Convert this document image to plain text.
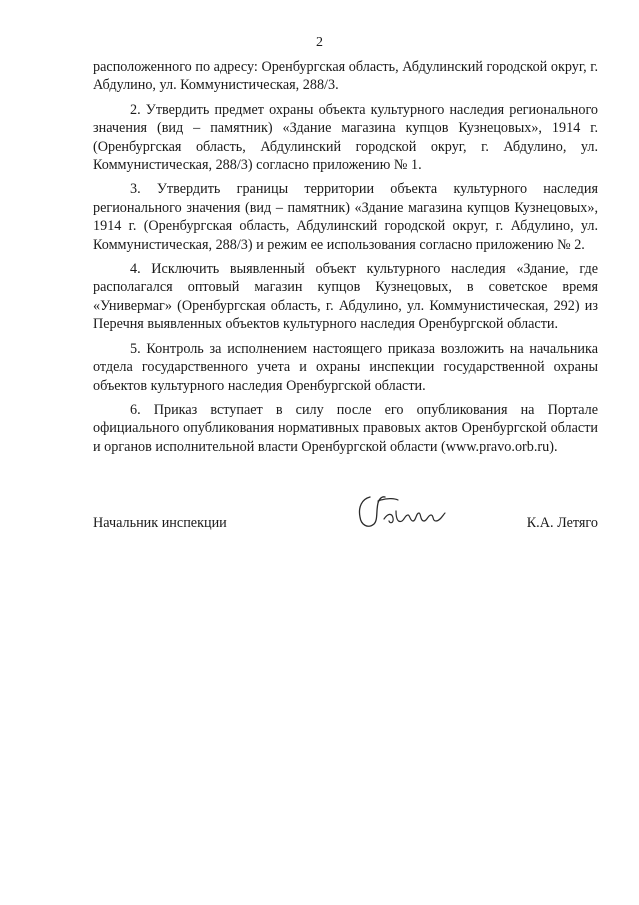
2

расположенного по адресу: Оренбургская область, Абдулинский городской округ, г. Абдулино, ул. Коммунистическая, 288/3.

2. Утвердить предмет охраны объекта культурного наследия регионального значения (вид – памятник) «Здание магазина купцов Кузнецовых», 1914 г. (Оренбургская область, Абдулинский городской округ, г. Абдулино, ул. Коммунистическая, 288/3) согласно приложению № 1.

3. Утвердить границы территории объекта культурного наследия регионального значения (вид – памятник) «Здание магазина купцов Кузнецовых», 1914 г. (Оренбургская область, Абдулинский городской округ, г. Абдулино, ул. Коммунистическая, 288/3) и режим ее использования согласно приложению № 2.

4. Исключить выявленный объект культурного наследия «Здание, где располагался оптовый магазин купцов Кузнецовых, в советское время «Универмаг» (Оренбургская область, г. Абдулино, ул. Коммунистическая, 292) из Перечня выявленных объектов культурного наследия Оренбургской области.

5. Контроль за исполнением настоящего приказа возложить на начальника отдела государственного учета и охраны инспекции государственной охраны объектов культурного наследия Оренбургской области.

6. Приказ вступает в силу после его опубликования на Портале официального опубликования нормативных правовых актов Оренбургской области и органов исполнительной власти Оренбургской области (www.pravo.orb.ru).

Начальник инспекции	К.А. Летяго
